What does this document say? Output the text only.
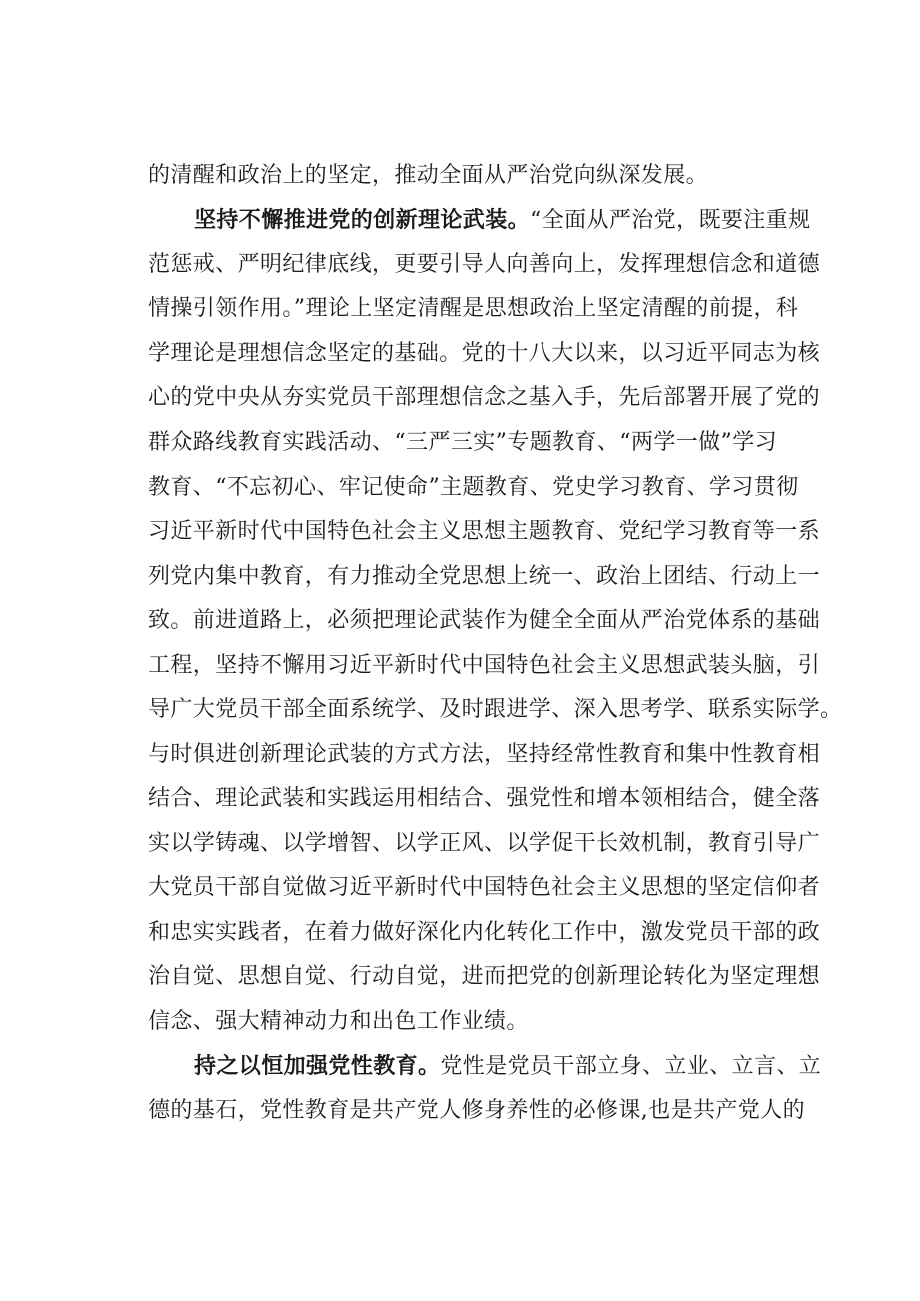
的清醒和政治上的坚定，推动全面从严治党向纵深发展。
坚持不懈推进党的创新理论武装。“全面从严治党，既要注重规
范惩戒、严明纪律底线，更要引导人向善向上，发挥理想信念和道德
情操引领作用。”理论上坚定清醒是思想政治上坚定清醒的前提，科
学理论是理想信念坚定的基础。党的十八大以来，以习近平同志为核
心的党中央从夯实党员干部理想信念之基入手，先后部署开展了党的
群众路线教育实践活动、“三严三实”专题教育、“两学一做”学习
教育、“不忘初心、牢记使命”主题教育、党史学习教育、学习贯彻
习近平新时代中国特色社会主义思想主题教育、党纪学习教育等一系
列党内集中教育，有力推动全党思想上统一、政治上团结、行动上一
致。前进道路上，必须把理论武装作为健全全面从严治党体系的基础
工程，坚持不懈用习近平新时代中国特色社会主义思想武装头脑，引
导广大党员干部全面系统学、及时跟进学、深入思考学、联系实际学。
与时俱进创新理论武装的方式方法，坚持经常性教育和集中性教育相
结合、理论武装和实践运用相结合、强党性和增本领相结合，健全落
实以学铸魂、以学增智、以学正风、以学促干长效机制，教育引导广
大党员干部自觉做习近平新时代中国特色社会主义思想的坚定信仰者
和忠实实践者，在着力做好深化内化转化工作中，激发党员干部的政
治自觉、思想自觉、行动自觉，进而把党的创新理论转化为坚定理想
信念、强大精神动力和出色工作业绩。
持之以恒加强党性教育。党性是党员干部立身、立业、立言、立
德的基石，党性教育是共产党人修身养性的必修课,也是共产党人的
